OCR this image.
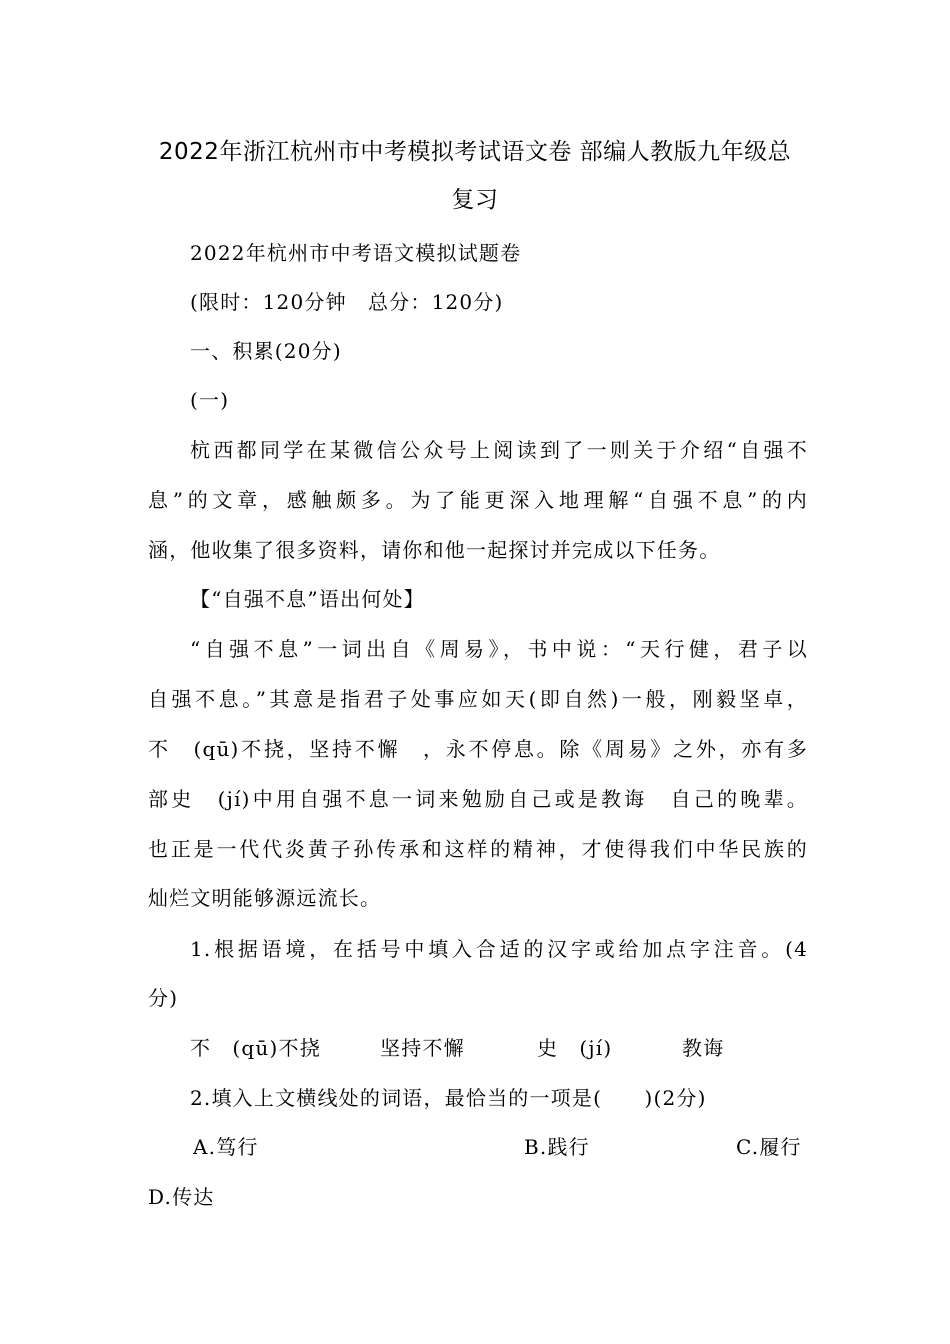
2022年浙江杭州市中考模拟考试语文卷 部编人教版九年级总
复习
2022年杭州市中考语文模拟试题卷
(限时：120分钟　总分：120分)
一、积累(20分)
(一)
杭西都同学在某微信公众号上阅读到了一则关于介绍“自强不
息”的文章，感触颇多。为了能更深入地理解“自强不息”的内
涵，他收集了很多资料，请你和他一起探讨并完成以下任务。
【“自强不息”语出何处】
“自强不息”一词出自《周易》，书中说：“天行健，君子以
自强不息。”其意是指君子处事应如天(即自然)一般，刚毅坚卓，
不　(qū)不挠，坚持不懈　，永不停息。除《周易》之外，亦有多
部史　(jí)中用自强不息一词来勉励自己或是教诲　自己的晚辈。
也正是一代代炎黄子孙传承和这样的精神，才使得我们中华民族的
灿烂文明能够源远流长。
1.根据语境，在括号中填入合适的汉字或给加点字注音。(4
分)
不　(qū)不挠	坚持不懈	史　(jí)	教诲
2.填入上文横线处的词语，最恰当的一项是(　　)(2分)
A.笃行	B.践行	C.履行
D.传达
